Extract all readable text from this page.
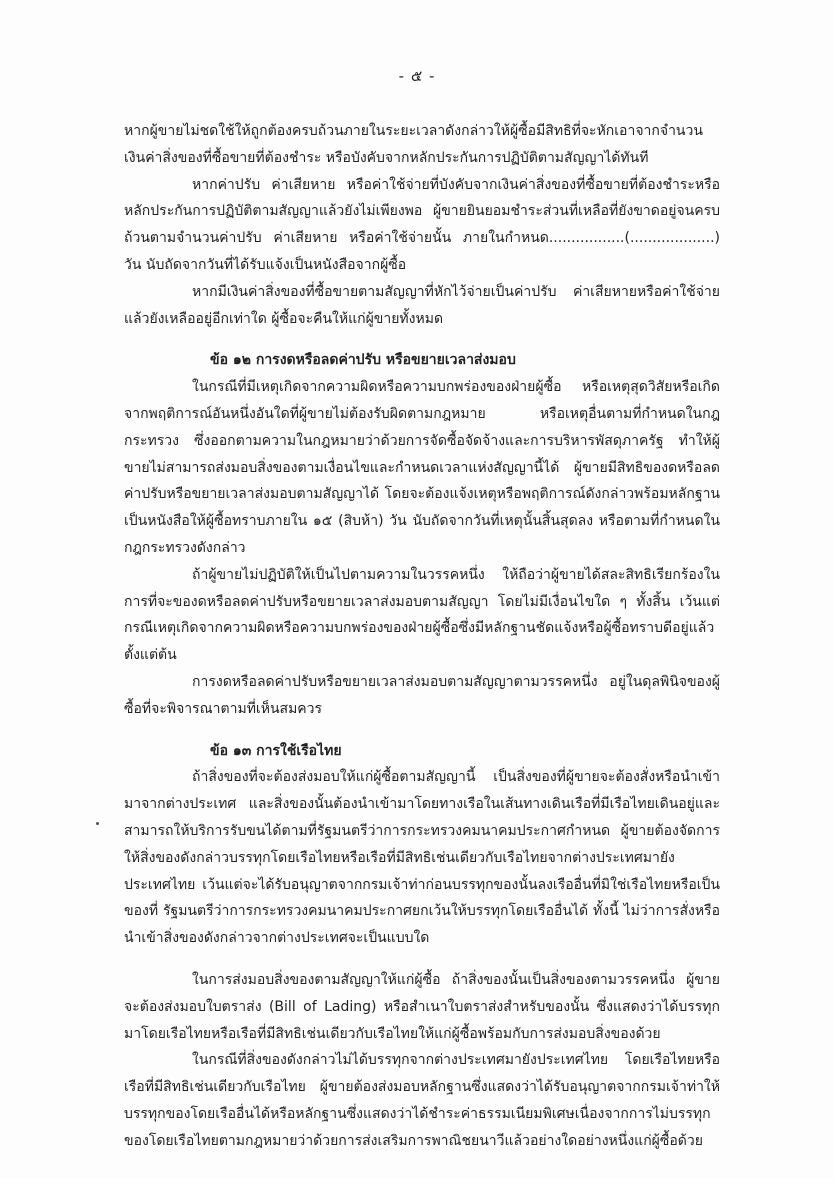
- ๕ -

หากผู้ขายไม่ชดใช้ให้ถูกต้องครบถ้วนภายในระยะเวลาดังกล่าวให้ผู้ซื้อมีสิทธิที่จะหักเอาจากจำนวนเงินค่าสิ่งของที่ซื้อขายที่ต้องชำระ หรือบังคับจากหลักประกันการปฏิบัติตามสัญญาได้ทันที

หากค่าปรับ ค่าเสียหาย หรือค่าใช้จ่ายที่บังคับจากเงินค่าสิ่งของที่ซื้อขายที่ต้องชำระหรือหลักประกันการปฏิบัติตามสัญญาแล้วยังไม่เพียงพอ ผู้ขายยินยอมชำระส่วนที่เหลือที่ยังขาดอยู่จนครบถ้วนตามจำนวนค่าปรับ ค่าเสียหาย หรือค่าใช้จ่ายนั้น ภายในกำหนด.................(...................) วัน นับถัดจากวันที่ได้รับแจ้งเป็นหนังสือจากผู้ซื้อ

หากมีเงินค่าสิ่งของที่ซื้อขายตามสัญญาที่หักไว้จ่ายเป็นค่าปรับ ค่าเสียหายหรือค่าใช้จ่ายแล้วยังเหลืออยู่อีกเท่าใด ผู้ซื้อจะคืนให้แก่ผู้ขายทั้งหมด

ข้อ ๑๒ การงดหรือลดค่าปรับ หรือขยายเวลาส่งมอบ

ในกรณีที่มีเหตุเกิดจากความผิดหรือความบกพร่องของฝ่ายผู้ซื้อ หรือเหตุสุดวิสัยหรือเกิดจากพฤติการณ์อันหนึ่งอันใดที่ผู้ขายไม่ต้องรับผิดตามกฎหมาย หรือเหตุอื่นตามที่กำหนดในกฎกระทรวง ซึ่งออกตามความในกฎหมายว่าด้วยการจัดซื้อจัดจ้างและการบริหารพัสดุภาครัฐ ทำให้ผู้ขายไม่สามารถส่งมอบสิ่งของตามเงื่อนไขและกำหนดเวลาแห่งสัญญานี้ได้ ผู้ขายมีสิทธิของดหรือลดค่าปรับหรือขยายเวลาส่งมอบตามสัญญาได้ โดยจะต้องแจ้งเหตุหรือพฤติการณ์ดังกล่าวพร้อมหลักฐานเป็นหนังสือให้ผู้ซื้อทราบภายใน ๑๕ (สิบห้า) วัน นับถัดจากวันที่เหตุนั้นสิ้นสุดลง หรือตามที่กำหนดในกฎกระทรวงดังกล่าว

ถ้าผู้ขายไม่ปฏิบัติให้เป็นไปตามความในวรรคหนึ่ง ให้ถือว่าผู้ขายได้สละสิทธิเรียกร้องในการที่จะของดหรือลดค่าปรับหรือขยายเวลาส่งมอบตามสัญญา โดยไม่มีเงื่อนไขใด ๆ ทั้งสิ้น เว้นแต่กรณีเหตุเกิดจากความผิดหรือความบกพร่องของฝ่ายผู้ซื้อซึ่งมีหลักฐานชัดแจ้งหรือผู้ซื้อทราบดีอยู่แล้วตั้งแต่ต้น

การงดหรือลดค่าปรับหรือขยายเวลาส่งมอบตามสัญญาตามวรรคหนึ่ง อยู่ในดุลพินิจของผู้ซื้อที่จะพิจารณาตามที่เห็นสมควร

ข้อ ๑๓ การใช้เรือไทย

ถ้าสิ่งของที่จะต้องส่งมอบให้แก่ผู้ซื้อตามสัญญานี้ เป็นสิ่งของที่ผู้ขายจะต้องสั่งหรือนำเข้ามาจากต่างประเทศ และสิ่งของนั้นต้องนำเข้ามาโดยทางเรือในเส้นทางเดินเรือที่มีเรือไทยเดินอยู่และสามารถให้บริการรับขนได้ตามที่รัฐมนตรีว่าการกระทรวงคมนาคมประกาศกำหนด ผู้ขายต้องจัดการให้สิ่งของดังกล่าวบรรทุกโดยเรือไทยหรือเรือที่มีสิทธิเช่นเดียวกับเรือไทยจากต่างประเทศมายังประเทศไทย เว้นแต่จะได้รับอนุญาตจากกรมเจ้าท่าก่อนบรรทุกของนั้นลงเรืออื่นที่มิใช่เรือไทยหรือเป็นของที่ รัฐมนตรีว่าการกระทรวงคมนาคมประกาศยกเว้นให้บรรทุกโดยเรืออื่นได้ ทั้งนี้ ไม่ว่าการสั่งหรือนำเข้าสิ่งของดังกล่าวจากต่างประเทศจะเป็นแบบใด

ในการส่งมอบสิ่งของตามสัญญาให้แก่ผู้ซื้อ ถ้าสิ่งของนั้นเป็นสิ่งของตามวรรคหนึ่ง ผู้ขายจะต้องส่งมอบใบตราส่ง (Bill of Lading) หรือสำเนาใบตราส่งสำหรับของนั้น ซึ่งแสดงว่าได้บรรทุกมาโดยเรือไทยหรือเรือที่มีสิทธิเช่นเดียวกับเรือไทยให้แก่ผู้ซื้อพร้อมกับการส่งมอบสิ่งของด้วย

ในกรณีที่สิ่งของดังกล่าวไม่ได้บรรทุกจากต่างประเทศมายังประเทศไทย โดยเรือไทยหรือเรือที่มีสิทธิเช่นเดียวกับเรือไทย ผู้ขายต้องส่งมอบหลักฐานซึ่งแสดงว่าได้รับอนุญาตจากกรมเจ้าท่าให้บรรทุกของโดยเรืออื่นได้หรือหลักฐานซึ่งแสดงว่าได้ชำระค่าธรรมเนียมพิเศษเนื่องจากการไม่บรรทุกของโดยเรือไทยตามกฎหมายว่าด้วยการส่งเสริมการพาณิชยนาวีแล้วอย่างใดอย่างหนึ่งแก่ผู้ซื้อด้วย
